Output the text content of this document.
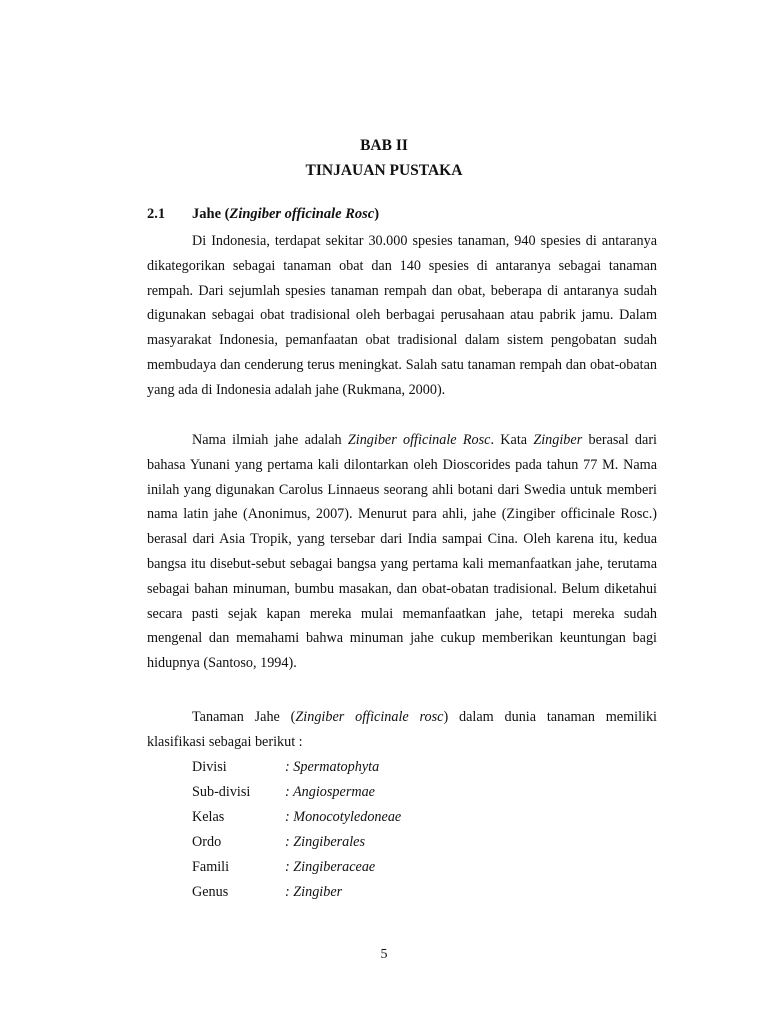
BAB II
TINJAUAN PUSTAKA
2.1 Jahe (Zingiber officinale Rosc)

Di Indonesia, terdapat sekitar 30.000 spesies tanaman, 940 spesies di antaranya dikategorikan sebagai tanaman obat dan 140 spesies di antaranya sebagai tanaman rempah. Dari sejumlah spesies tanaman rempah dan obat, beberapa di antaranya sudah digunakan sebagai obat tradisional oleh berbagai perusahaan atau pabrik jamu. Dalam masyarakat Indonesia, pemanfaatan obat tradisional dalam sistem pengobatan sudah membudaya dan cenderung terus meningkat. Salah satu tanaman rempah dan obat-obatan yang ada di Indonesia adalah jahe (Rukmana, 2000).

Nama ilmiah jahe adalah Zingiber officinale Rosc. Kata Zingiber berasal dari bahasa Yunani yang pertama kali dilontarkan oleh Dioscorides pada tahun 77 M. Nama inilah yang digunakan Carolus Linnaeus seorang ahli botani dari Swedia untuk memberi nama latin jahe (Anonimus, 2007). Menurut para ahli, jahe (Zingiber officinale Rosc.) berasal dari Asia Tropik, yang tersebar dari India sampai Cina. Oleh karena itu, kedua bangsa itu disebut-sebut sebagai bangsa yang pertama kali memanfaatkan jahe, terutama sebagai bahan minuman, bumbu masakan, dan obat-obatan tradisional. Belum diketahui secara pasti sejak kapan mereka mulai memanfaatkan jahe, tetapi mereka sudah mengenal dan memahami bahwa minuman jahe cukup memberikan keuntungan bagi hidupnya (Santoso, 1994).

Tanaman Jahe (Zingiber officinale rosc) dalam dunia tanaman memiliki klasifikasi sebagai berikut :

Divisi	: Spermatophyta
Sub-divisi : Angiospermae
Kelas	: Monocotyledoneae
Ordo	: Zingiberales
Famili	: Zingiberaceae
Genus	: Zingiber
5
